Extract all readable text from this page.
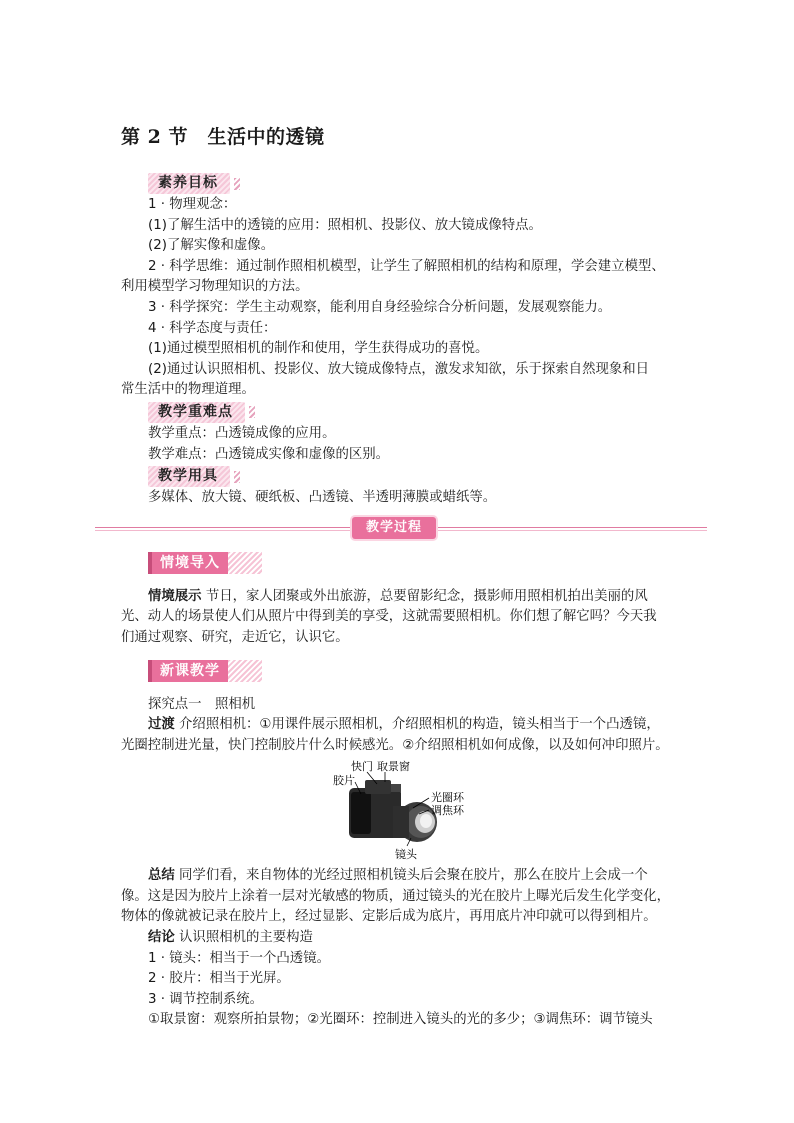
第 2 节　生活中的透镜
素养目标

1 · 物理观念：

(1)了解生活中的透镜的应用：照相机、投影仪、放大镜成像特点。

(2)了解实像和虚像。

2 · 科学思维：通过制作照相机模型，让学生了解照相机的结构和原理，学会建立模型、

利用模型学习物理知识的方法。

3 · 科学探究：学生主动观察，能利用自身经验综合分析问题，发展观察能力。

4 · 科学态度与责任：

(1)通过模型照相机的制作和使用，学生获得成功的喜悦。

(2)通过认识照相机、投影仪、放大镜成像特点，激发求知欲，乐于探索自然现象和日

常生活中的物理道理。

教学重难点

教学重点：凸透镜成像的应用。

教学难点：凸透镜成实像和虚像的区别。

教学用具

多媒体、放大镜、硬纸板、凸透镜、半透明薄膜或蜡纸等。

教学过程
情境导入

情境展示 节日，家人团聚或外出旅游，总要留影纪念，摄影师用照相机拍出美丽的风

光、动人的场景使人们从照片中得到美的享受，这就需要照相机。你们想了解它吗？今天我

们通过观察、研究，走近它，认识它。

新课教学

探究点一　照相机

过渡 介绍照相机：①用课件展示照相机，介绍照相机的构造，镜头相当于一个凸透镜，

光圈控制进光量，快门控制胶片什么时候感光。②介绍照相机如何成像，以及如何冲印照片。

快门 取景窗
胶片
光圈环
调焦环
镜头

总结 同学们看，来自物体的光经过照相机镜头后会聚在胶片，那么在胶片上会成一个

像。这是因为胶片上涂着一层对光敏感的物质，通过镜头的光在胶片上曝光后发生化学变化，

物体的像就被记录在胶片上，经过显影、定影后成为底片，再用底片冲印就可以得到相片。

结论 认识照相机的主要构造

1 · 镜头：相当于一个凸透镜。

2 · 胶片：相当于光屏。

3 · 调节控制系统。

①取景窗：观察所拍景物；②光圈环：控制进入镜头的光的多少；③调焦环：调节镜头
